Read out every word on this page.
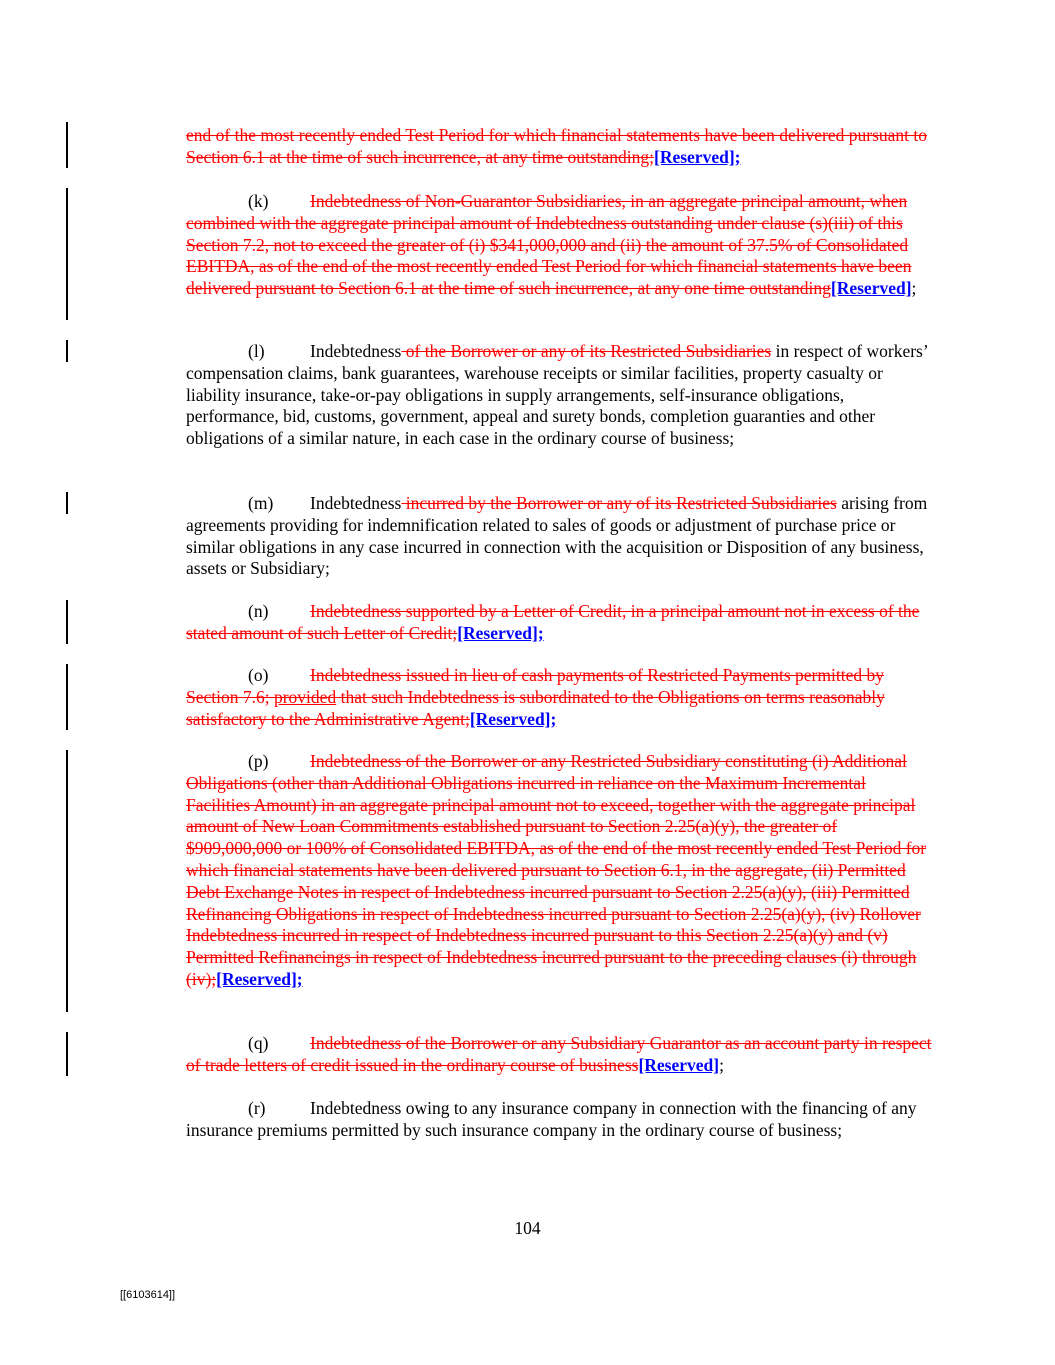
end of the most recently ended Test Period for which financial statements have been delivered pursuant to Section 6.1 at the time of such incurrence, at any time outstanding;[Reserved];
(k) Indebtedness of Non-Guarantor Subsidiaries, in an aggregate principal amount, when combined with the aggregate principal amount of Indebtedness outstanding under clause (s)(iii) of this Section 7.2, not to exceed the greater of (i) $341,000,000 and (ii) the amount of 37.5% of Consolidated EBITDA, as of the end of the most recently ended Test Period for which financial statements have been delivered pursuant to Section 6.1 at the time of such incurrence, at any one time outstanding[Reserved];
(l)	Indebtedness of the Borrower or any of its Restricted Subsidiaries in respect of workers’ compensation claims, bank guarantees, warehouse receipts or similar facilities, property casualty or liability insurance, take-or-pay obligations in supply arrangements, self-insurance obligations, performance, bid, customs, government, appeal and surety bonds, completion guaranties and other obligations of a similar nature, in each case in the ordinary course of business;
(m) Indebtedness incurred by the Borrower or any of its Restricted Subsidiaries arising from agreements providing for indemnification related to sales of goods or adjustment of purchase price or similar obligations in any case incurred in connection with the acquisition or Disposition of any business, assets or Subsidiary;
(n) Indebtedness supported by a Letter of Credit, in a principal amount not in excess of the stated amount of such Letter of Credit;[Reserved];
(o) Indebtedness issued in lieu of cash payments of Restricted Payments permitted by Section 7.6; provided that such Indebtedness is subordinated to the Obligations on terms reasonably satisfactory to the Administrative Agent;[Reserved];
(p) Indebtedness of the Borrower or any Restricted Subsidiary constituting (i) Additional Obligations (other than Additional Obligations incurred in reliance on the Maximum Incremental Facilities Amount) in an aggregate principal amount not to exceed, together with the aggregate principal amount of New Loan Commitments established pursuant to Section 2.25(a)(y), the greater of $909,000,000 or 100% of Consolidated EBITDA, as of the end of the most recently ended Test Period for which financial statements have been delivered pursuant to Section 6.1, in the aggregate, (ii) Permitted Debt Exchange Notes in respect of Indebtedness incurred pursuant to Section 2.25(a)(y), (iii) Permitted Refinancing Obligations in respect of Indebtedness incurred pursuant to Section 2.25(a)(y), (iv) Rollover Indebtedness incurred in respect of Indebtedness incurred pursuant to this Section 2.25(a)(y) and (v) Permitted Refinancings in respect of Indebtedness incurred pursuant to the preceding clauses (i) through (iv);[Reserved];
(q) Indebtedness of the Borrower or any Subsidiary Guarantor as an account party in respect of trade letters of credit issued in the ordinary course of business[Reserved];
(r)	Indebtedness owing to any insurance company in connection with the financing of any insurance premiums permitted by such insurance company in the ordinary course of business;
104
[[6103614]]
